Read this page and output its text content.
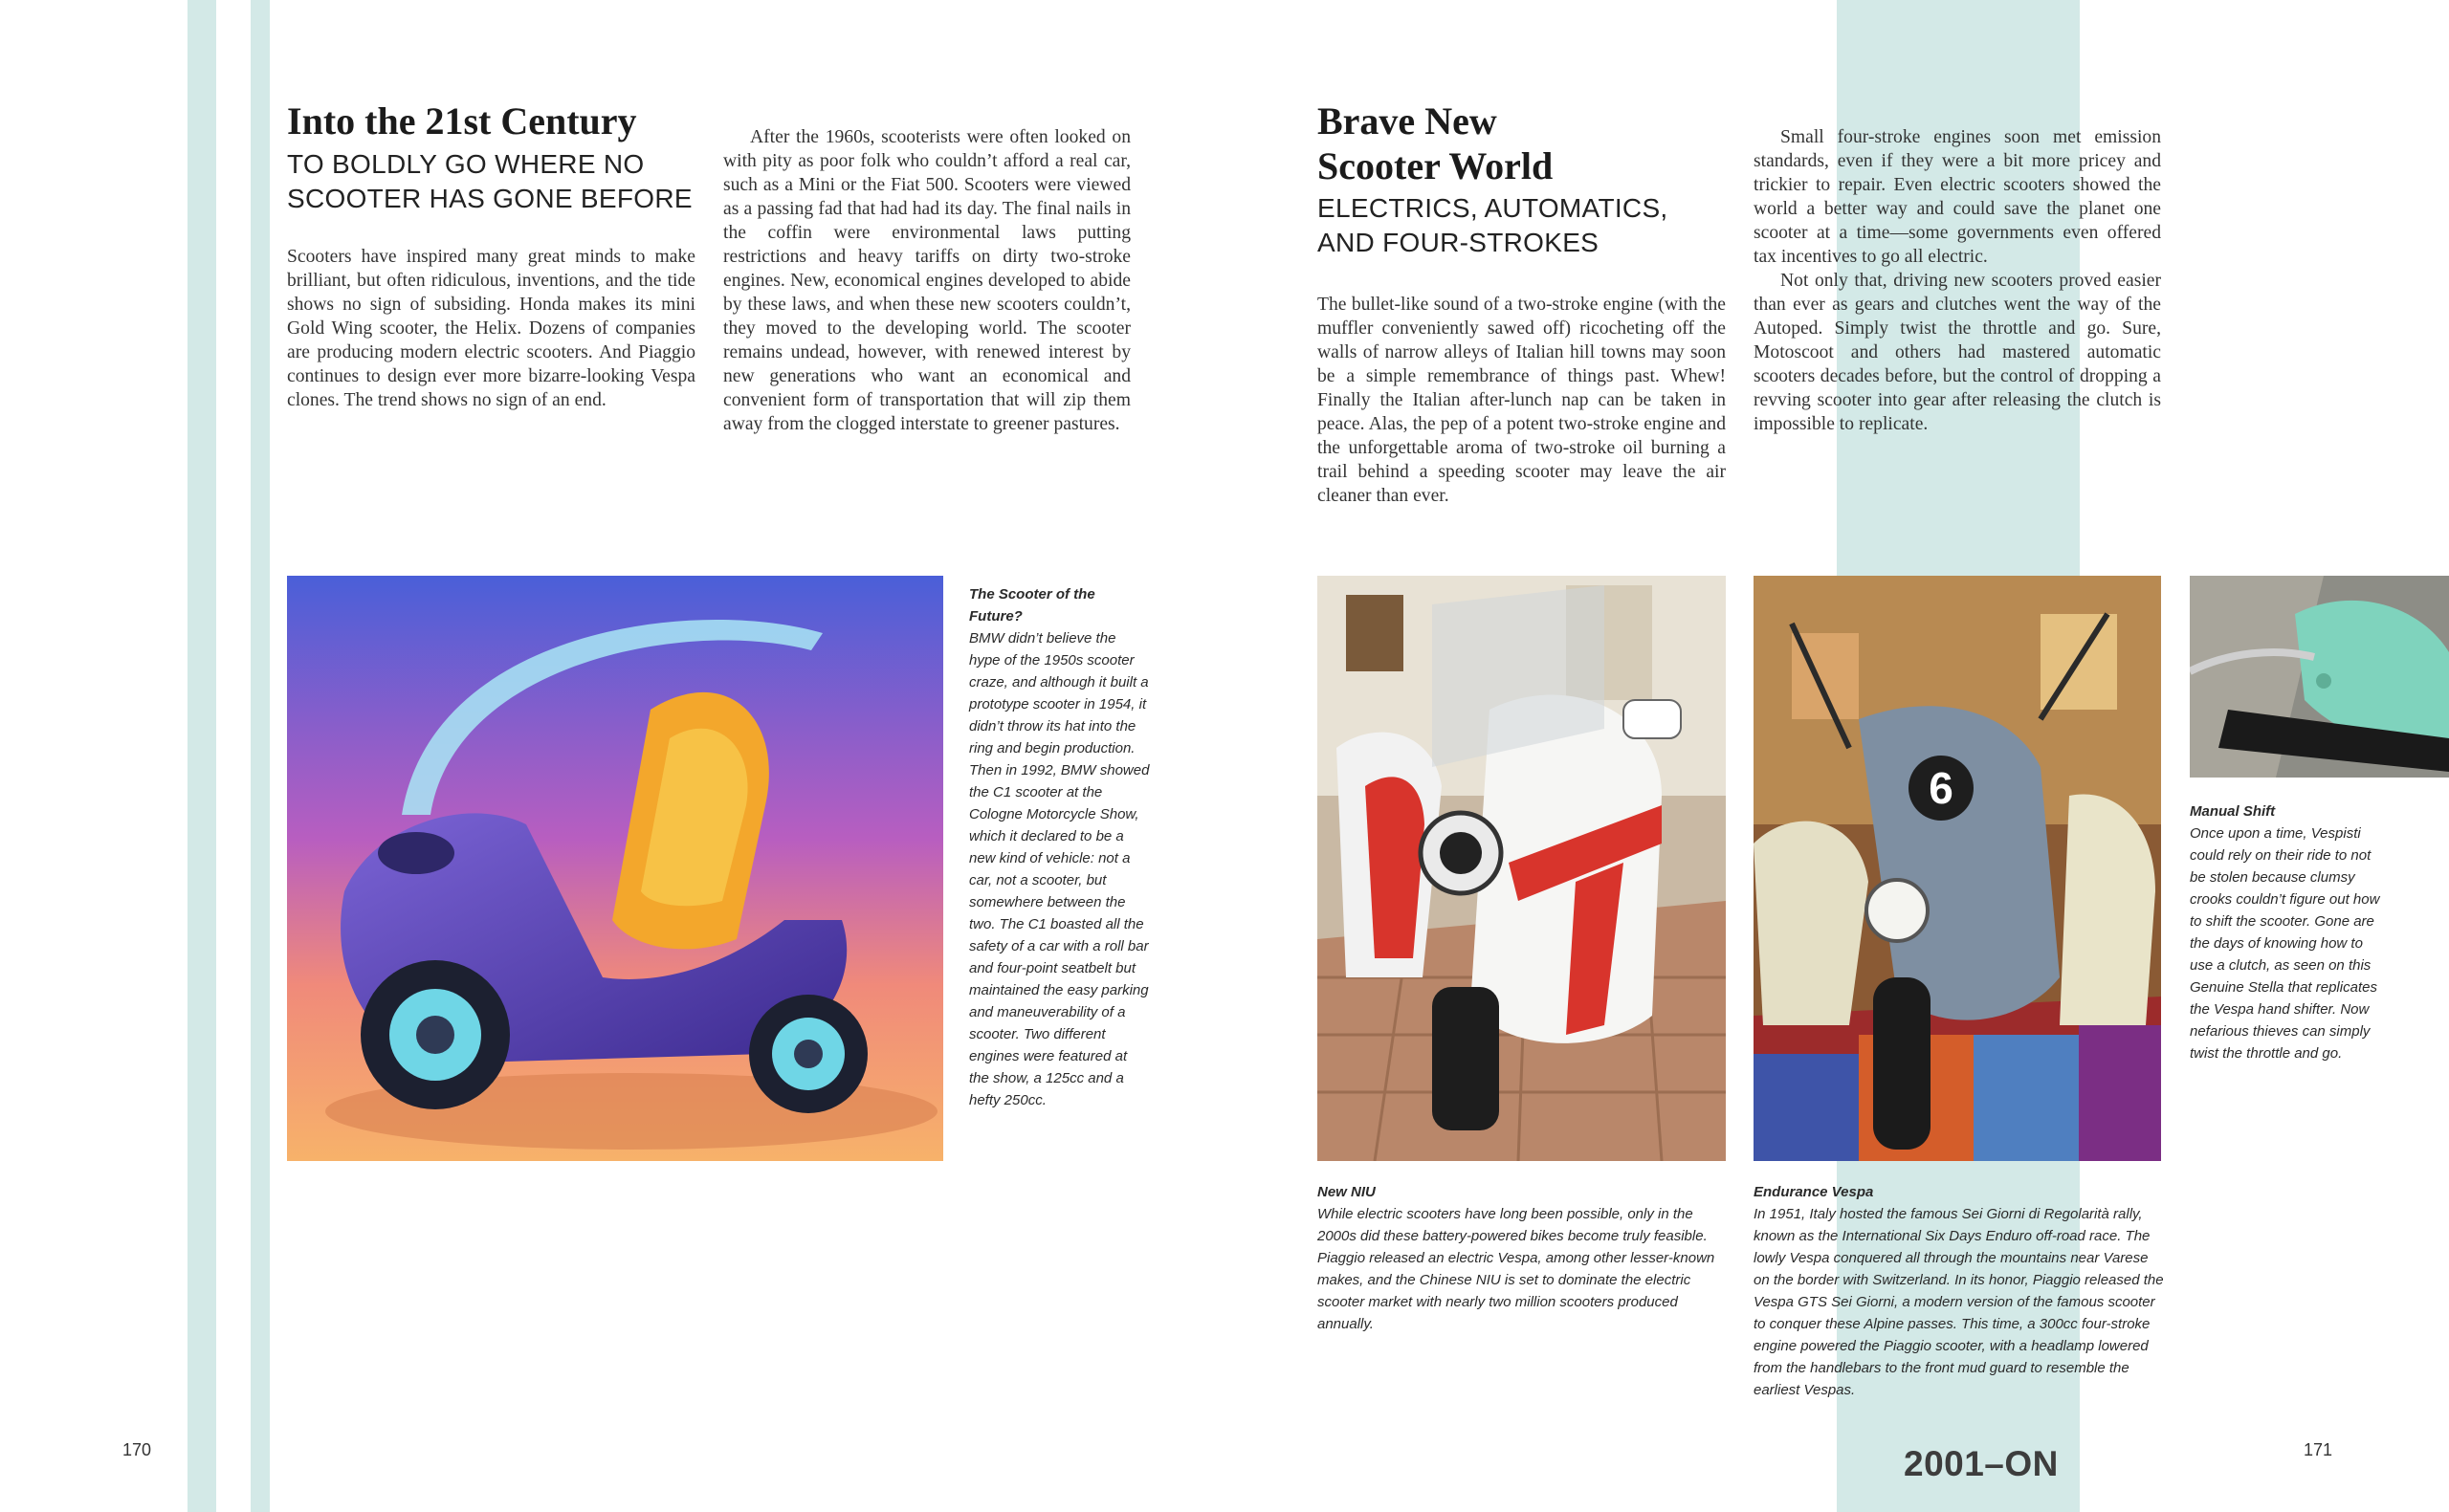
Into the 21st Century
TO BOLDLY GO WHERE NO
SCOOTER HAS GONE BEFORE

Scooters have inspired many great minds to make brilliant, but often ridiculous, inventions, and the tide shows no sign of subsiding. Honda makes its mini Gold Wing scooter, the Helix. Dozens of companies are producing modern electric scooters. And Piaggio continues to design ever more bizarre-looking Vespa clones. The trend shows no sign of an end.

After the 1960s, scooterists were often looked on with pity as poor folk who couldn’t afford a real car, such as a Mini or the Fiat 500. Scooters were viewed as a passing fad that had had its day. The final nails in the coffin were environmental laws putting restrictions and heavy tariffs on dirty two-stroke engines. New, economical engines developed to abide by these laws, and when these new scooters couldn’t, they moved to the developing world. The scooter remains undead, however, with renewed interest by new generations who want an economical and convenient form of transportation that will zip them away from the clogged interstate to greener pastures.

The Scooter of the Future?
BMW didn’t believe the hype of the 1950s scooter craze, and although it built a prototype scooter in 1954, it didn’t throw its hat into the ring and begin production. Then in 1992, BMW showed the C1 scooter at the Cologne Motorcycle Show, which it declared to be a new kind of vehicle: not a car, not a scooter, but somewhere between the two. The C1 boasted all the safety of a car with a roll bar and four-point seatbelt but maintained the easy parking and maneuverability of a scooter. Two different engines were featured at the show, a 125cc and a hefty 250cc.
170
Brave New
Scooter World
ELECTRICS, AUTOMATICS,
AND FOUR-STROKES

The bullet-like sound of a two-stroke engine (with the muffler conveniently sawed off) ricocheting off the walls of narrow alleys of Italian hill towns may soon be a simple remembrance of things past. Whew! Finally the Italian after-lunch nap can be taken in peace. Alas, the pep of a potent two-stroke engine and the unforgettable aroma of two-stroke oil burning a trail behind a speeding scooter may leave the air cleaner than ever.

Small four-stroke engines soon met emission standards, even if they were a bit more pricey and trickier to repair. Even electric scooters showed the world a better way and could save the planet one scooter at a time—some governments even offered tax incentives to go all electric.

Not only that, driving new scooters proved easier than ever as gears and clutches went the way of the Autoped. Simply twist the throttle and go. Sure, Motoscoot and others had mastered automatic scooters decades before, but the control of dropping a revving scooter into gear after releasing the clutch is impossible to replicate.

6
New NIU
While electric scooters have long been possible, only in the 2000s did these battery-powered bikes become truly feasible. Piaggio released an electric Vespa, among other lesser-known makes, and the Chinese NIU is set to dominate the electric scooter market with nearly two million scooters produced annually.
Endurance Vespa
In 1951, Italy hosted the famous Sei Giorni di Regolarità rally, known as the International Six Days Enduro off-road race. The lowly Vespa conquered all through the mountains near Varese on the border with Switzerland. In its honor, Piaggio released the Vespa GTS Sei Giorni, a modern version of the famous scooter to conquer these Alpine passes. This time, a 300cc four-stroke engine powered the Piaggio scooter, with a headlamp lowered from the handlebars to the front mud guard to resemble the earliest Vespas.
Manual Shift
Once upon a time, Vespisti could rely on their ride to not be stolen because clumsy crooks couldn’t figure out how to shift the scooter. Gone are the days of knowing how to use a clutch, as seen on this Genuine Stella that replicates the Vespa hand shifter. Now nefarious thieves can simply twist the throttle and go.
2001–ON	171
